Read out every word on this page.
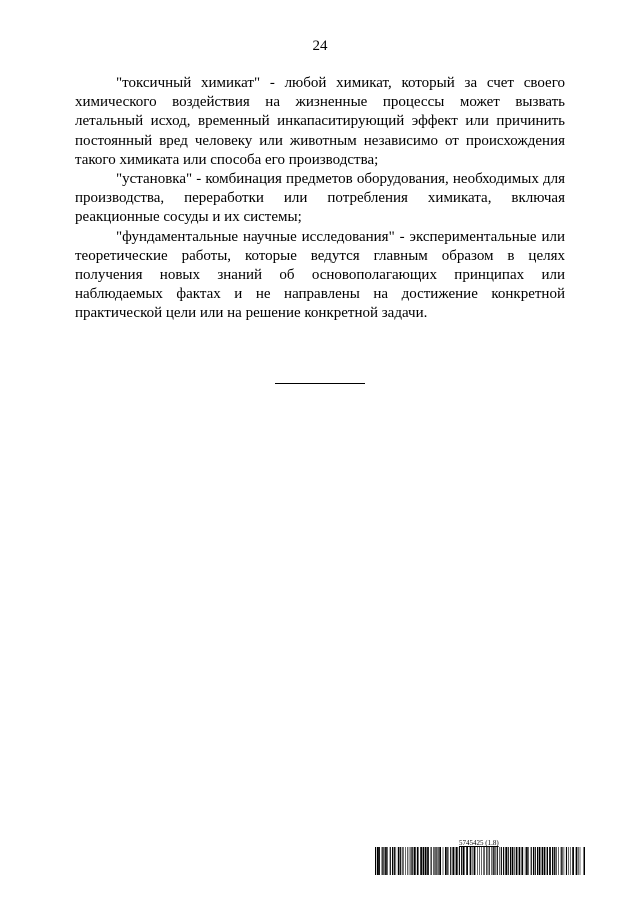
24

"токсичный химикат" - любой химикат, который за счет своего химического воздействия на жизненные процессы может вызвать летальный исход, временный инкапаситирующий эффект или причинить постоянный вред человеку или животным независимо от происхождения такого химиката или способа его производства;

"установка" - комбинация предметов оборудования, необходимых для производства, переработки или потребления химиката, включая реакционные сосуды и их системы;

"фундаментальные научные исследования" - экспериментальные или теоретические работы, которые ведутся главным образом в целях получения новых знаний об основополагающих принципах или наблюдаемых фактах и не направлены на достижение конкретной практической цели или на решение конкретной задачи.

5745425 (1.8)
